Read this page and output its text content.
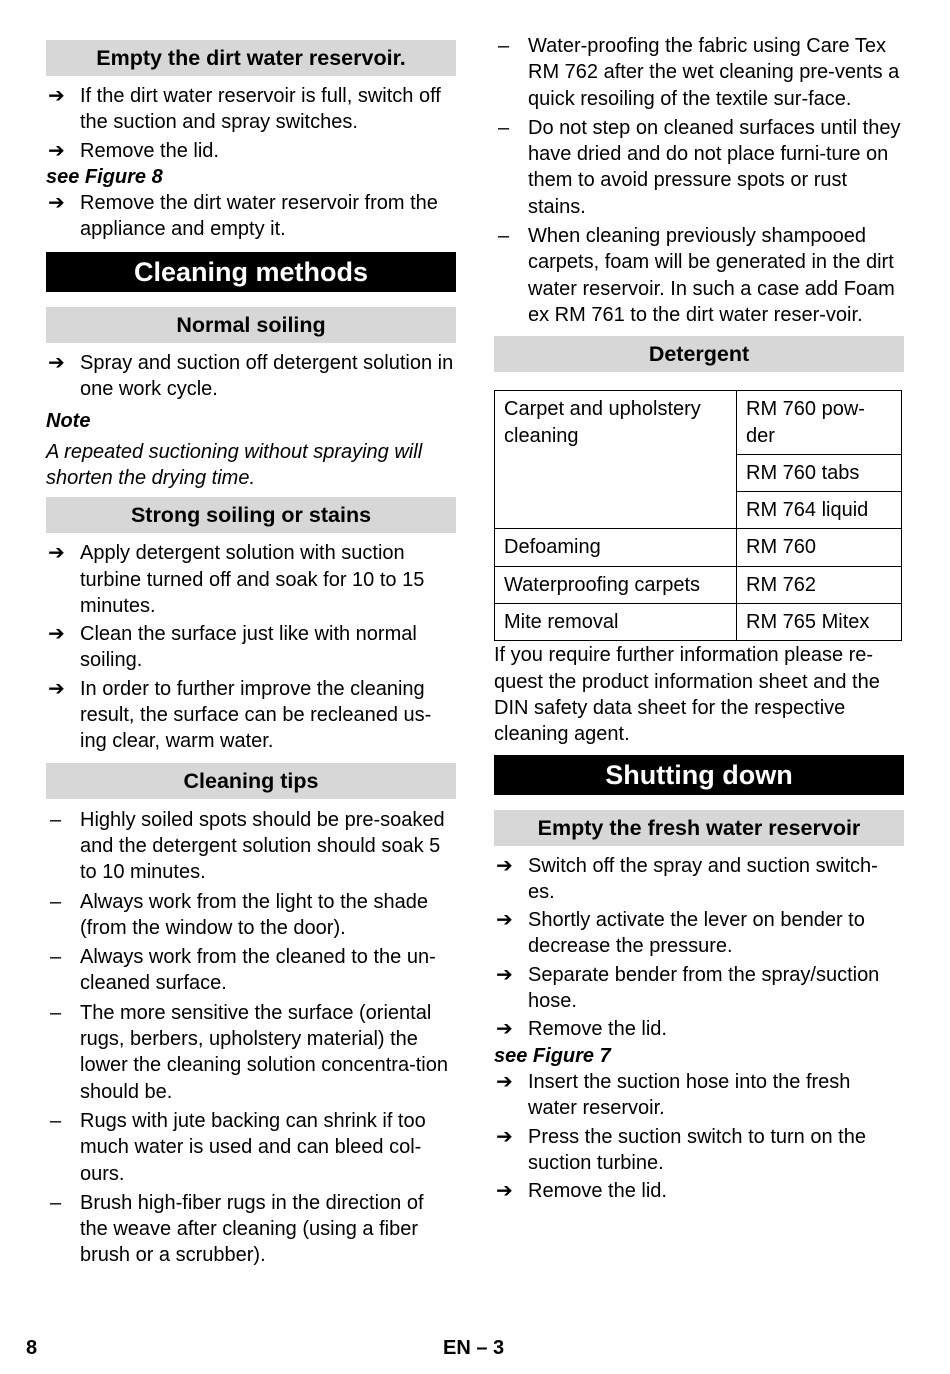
Empty the dirt water reservoir.
➔ If the dirt water reservoir is full, switch off the suction and spray switches.
➔ Remove the lid.
see Figure 8
➔ Remove the dirt water reservoir from the appliance and empty it.
Cleaning methods
Normal soiling
➔ Spray and suction off detergent solution in one work cycle.
Note
A repeated suctioning without spraying will shorten the drying time.
Strong soiling or stains
➔ Apply detergent solution with suction turbine turned off and soak for 10 to 15 minutes.
➔ Clean the surface just like with normal soiling.
➔ In order to further improve the cleaning result, the surface can be recleaned us-ing clear, warm water.
Cleaning tips
– Highly soiled spots should be pre-soaked and the detergent solution should soak 5 to 10 minutes.
– Always work from the light to the shade (from the window to the door).
– Always work from the cleaned to the un-cleaned surface.
– The more sensitive the surface (oriental rugs, berbers, upholstery material) the lower the cleaning solution concentra-tion should be.
– Rugs with jute backing can shrink if too much water is used and can bleed col-ours.
– Brush high-fiber rugs in the direction of the weave after cleaning (using a fiber brush or a scrubber).
– Water-proofing the fabric using Care Tex RM 762 after the wet cleaning pre-vents a quick resoiling of the textile sur-face.
– Do not step on cleaned surfaces until they have dried and do not place furni-ture on them to avoid pressure spots or rust stains.
– When cleaning previously shampooed carpets, foam will be generated in the dirt water reservoir. In such a case add Foam ex RM 761 to the dirt water reser-voir.
Detergent
Carpet and upholstery cleaning	RM 760 pow-der
	RM 760 tabs
	RM 764 liquid
Defoaming	RM 760
Waterproofing carpets	RM 762
Mite removal	RM 765 Mitex
If you require further information please re-quest the product information sheet and the DIN safety data sheet for the respective cleaning agent.
Shutting down
Empty the fresh water reservoir
➔ Switch off the spray and suction switch-es.
➔ Shortly activate the lever on bender to decrease the pressure.
➔ Separate bender from the spray/suction hose.
➔ Remove the lid.
see Figure 7
➔ Insert the suction hose into the fresh water reservoir.
➔ Press the suction switch to turn on the suction turbine.
➔ Remove the lid.
8	EN – 3
